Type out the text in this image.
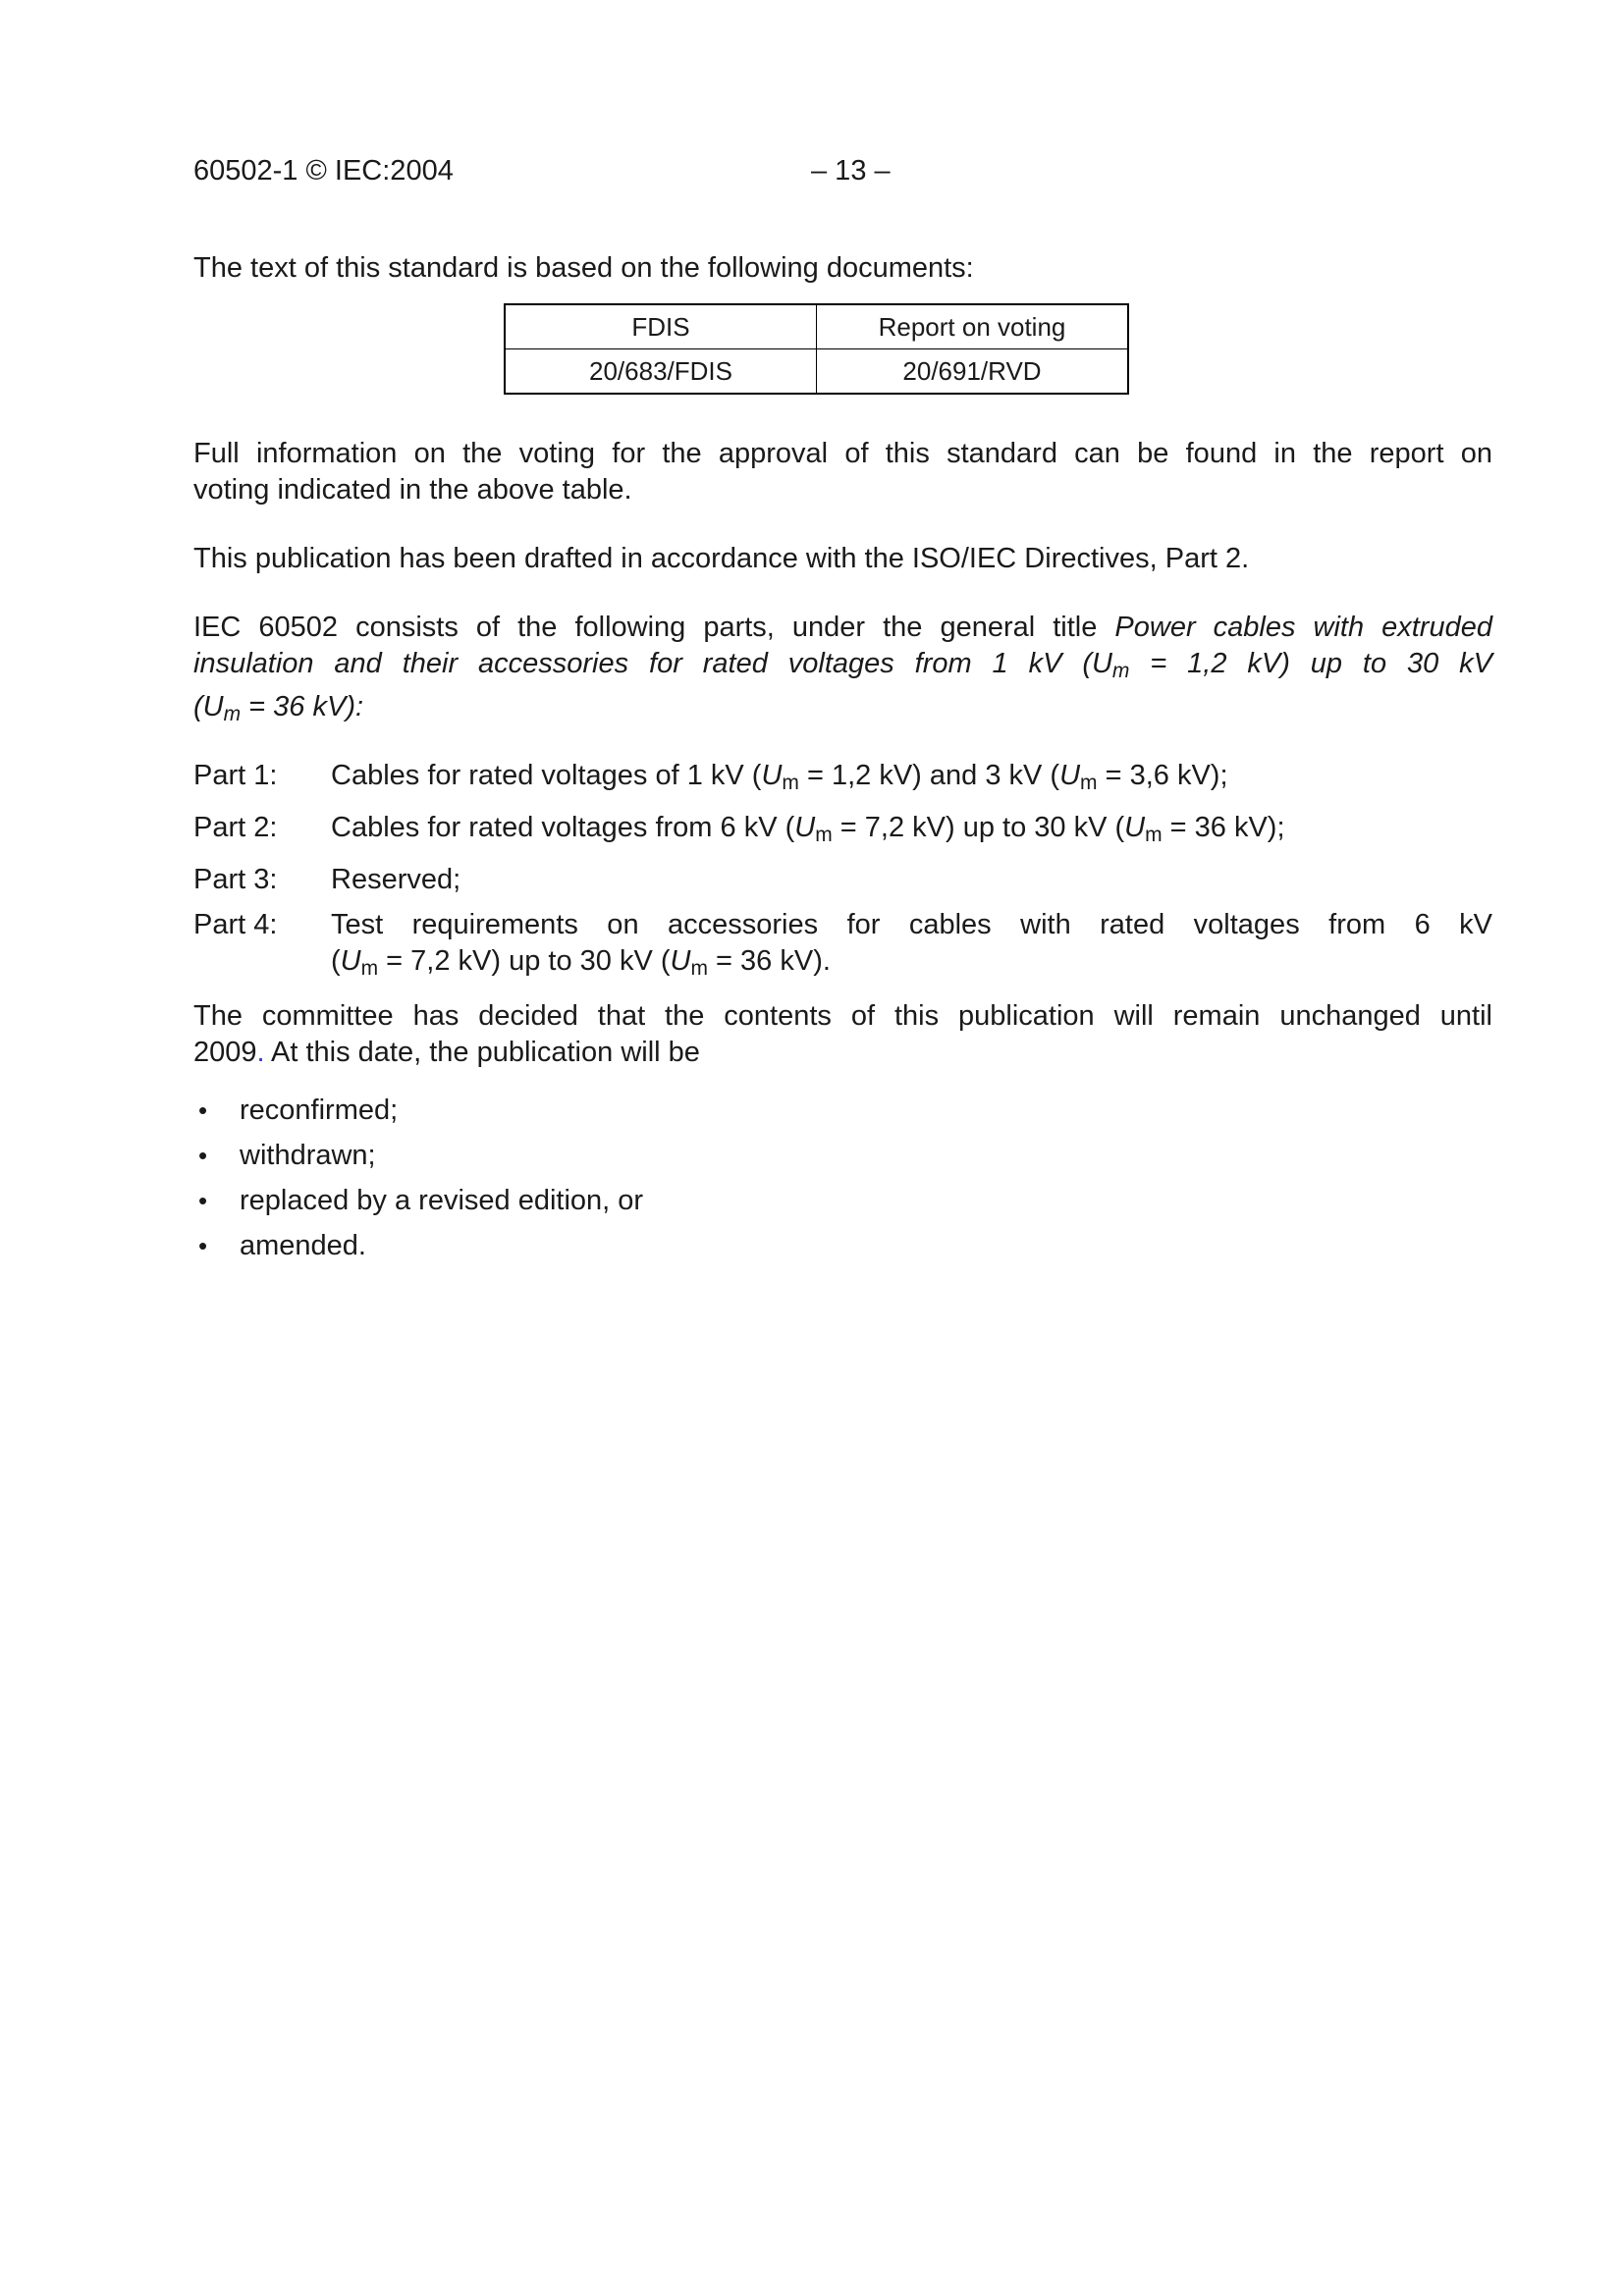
60502-1 © IEC:2004	– 13 –

The text of this standard is based on the following documents:

FDIS	Report on voting
20/683/FDIS	20/691/RVD
Full information on the voting for the approval of this standard can be found in the report on
voting indicated in the above table.
This publication has been drafted in accordance with the ISO/IEC Directives, Part 2.
IEC 60502 consists of the following parts, under the general title Power cables with extruded
insulation and their accessories for rated voltages from 1 kV (Um = 1,2 kV) up to 30 kV
(Um = 36 kV):
Part 1:	Cables for rated voltages of 1 kV (Um = 1,2 kV) and 3 kV (Um = 3,6 kV);
Part 2:	Cables for rated voltages from 6 kV (Um = 7,2 kV) up to 30 kV (Um = 36 kV);
Part 3:	Reserved;
Part 4:	Test requirements on accessories for cables with rated voltages from 6 kV
(Um = 7,2 kV) up to 30 kV (Um = 36 kV).
The committee has decided that the contents of this publication will remain unchanged until
2009. At this date, the publication will be
•	reconfirmed;
•	withdrawn;
•	replaced by a revised edition, or
•	amended.
